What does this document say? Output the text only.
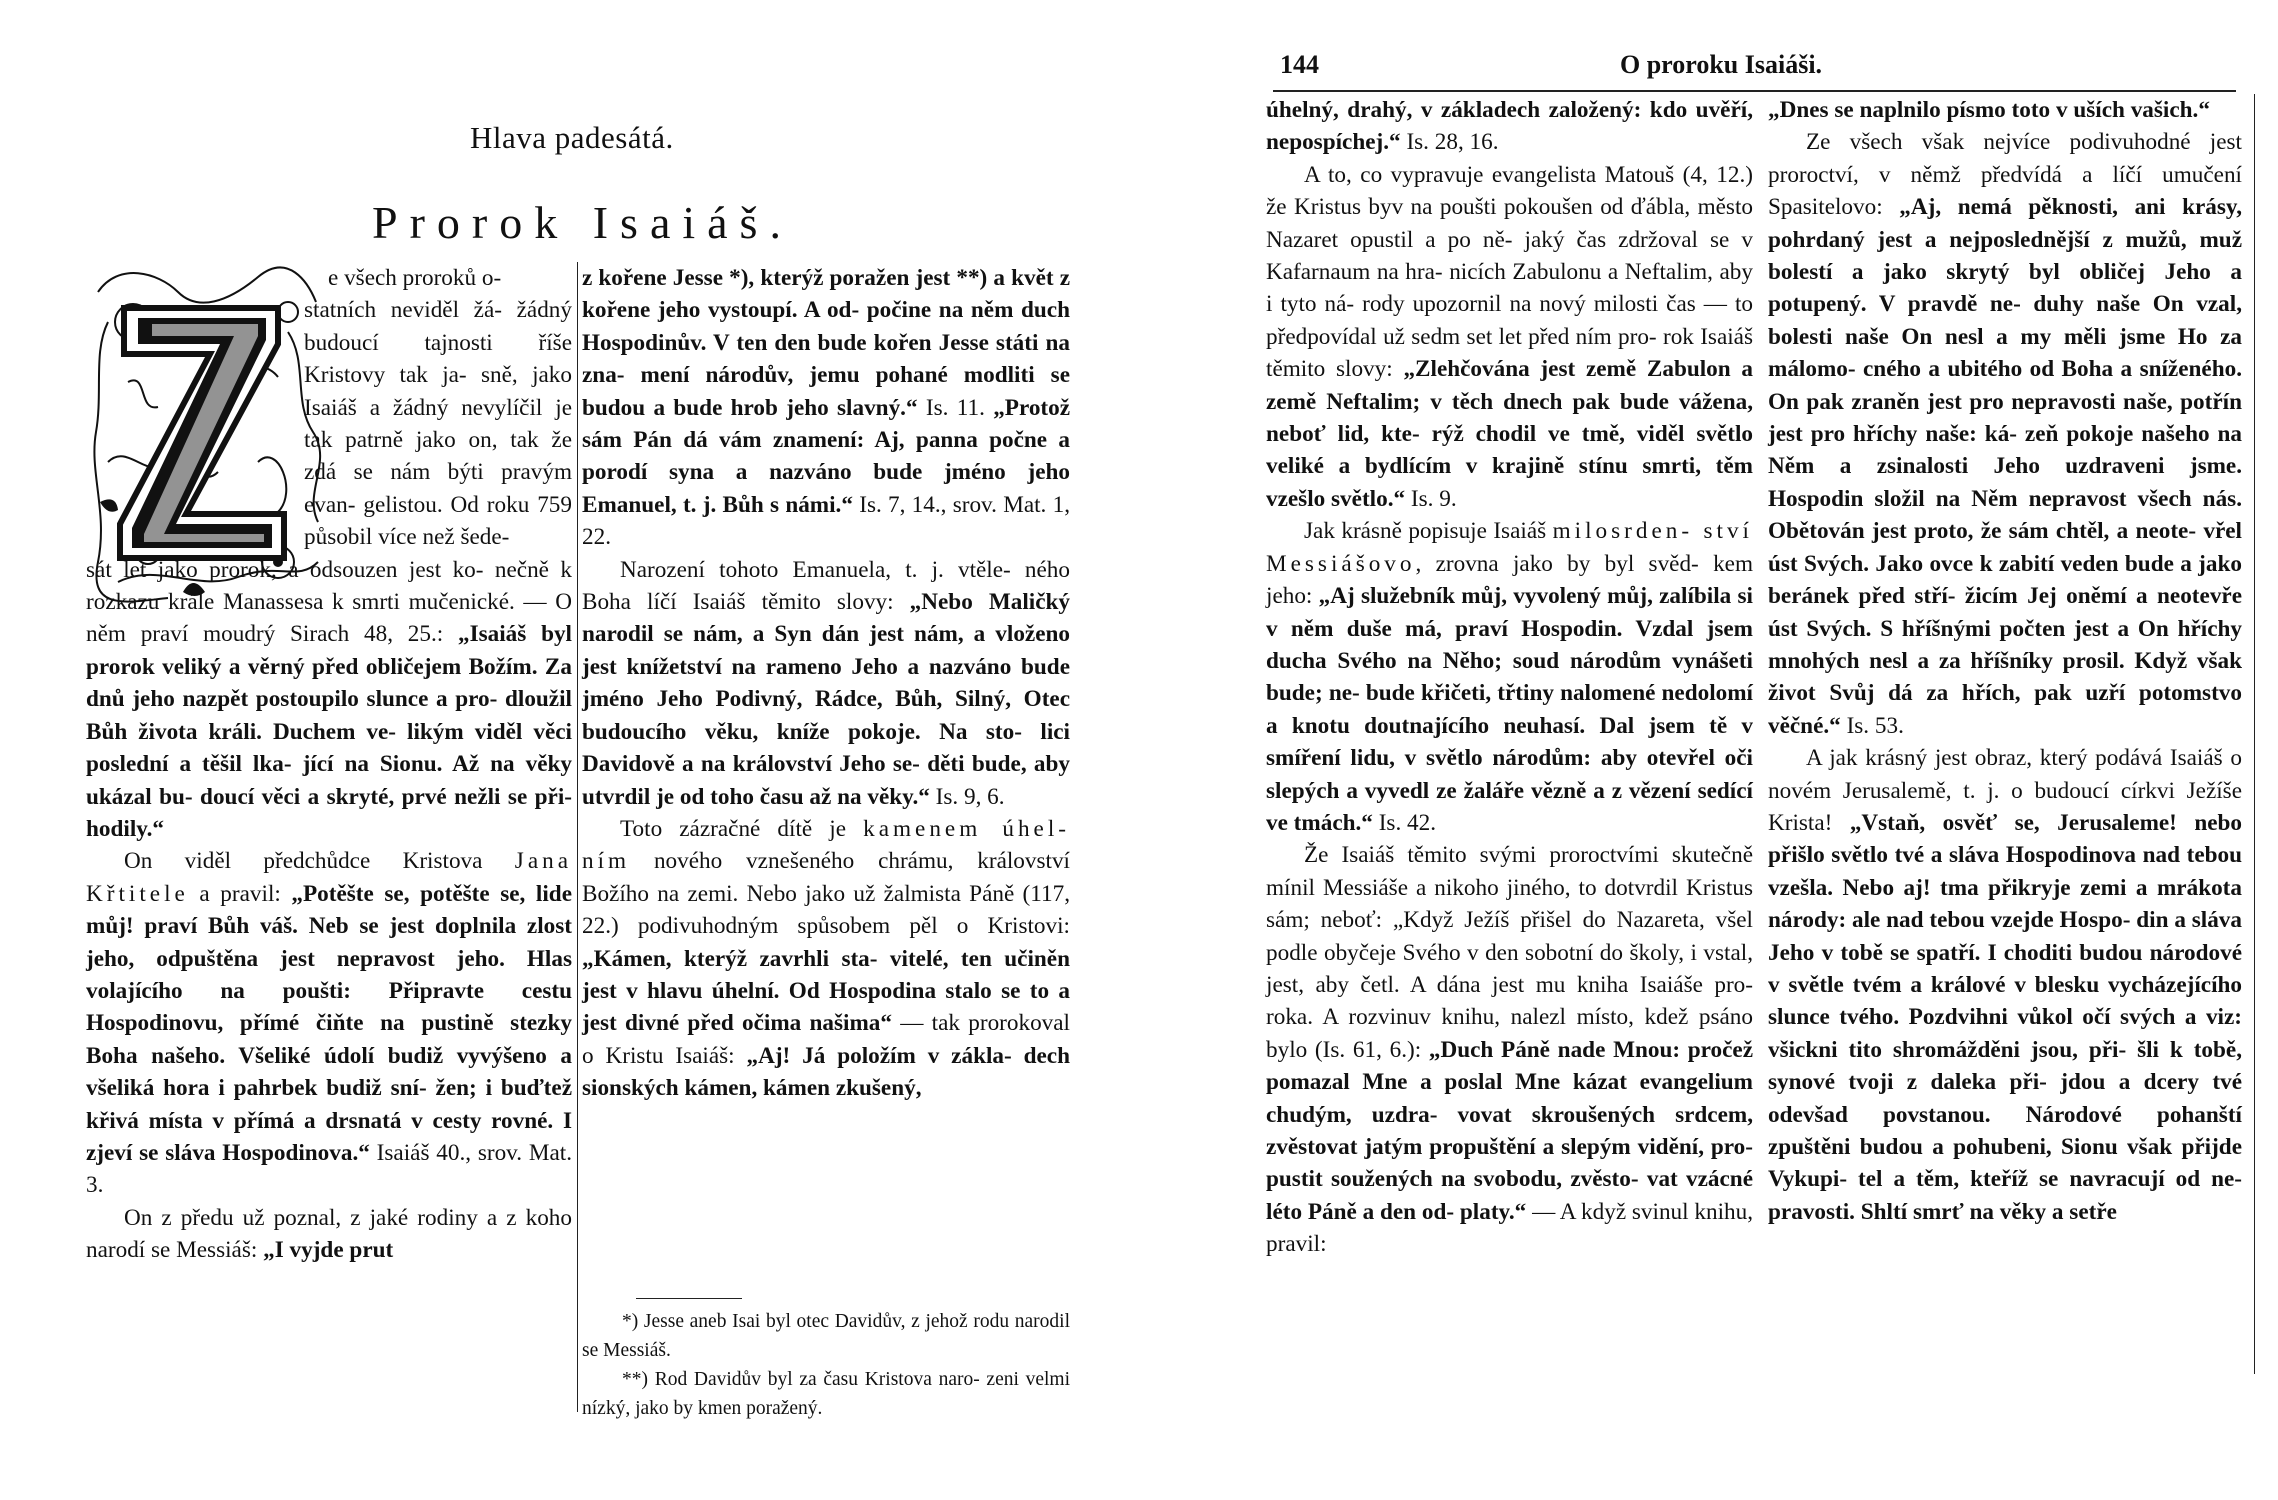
Hlava padesátá.
Prorok Isaiáš.

e všech proroků o-

statních neviděl žá- žádný budoucí tajnosti říše Kristovy tak ja- sně, jako Isaiáš a žádný nevylíčil je tak patrně jako on, tak že zdá se nám býti pravým evan- gelistou. Od roku 759 působil více než šede-

sát let jako prorok, a odsouzen jest ko- nečně k rozkazu krále Manassesa k smrti mučenické. — O něm praví moudrý Sirach 48, 25.: „Isaiáš byl prorok veliký a věrný před obličejem Božím. Za dnů jeho nazpět postoupilo slunce a pro- dloužil Bůh života králi. Duchem ve- likým viděl věci poslední a těšil lka- jící na Sionu. Až na věky ukázal bu- doucí věci a skryté, prvé nežli se při- hodily.“

On viděl předchůdce Kristova Jana Křtitele a pravil: „Potěšte se, potěšte se, lide můj! praví Bůh váš. Neb se jest doplnila zlost jeho, odpuštěna jest nepravost jeho. Hlas volajícího na poušti: Připravte cestu Hospodinovu, přímé čiňte na pustině stezky Boha našeho. Všeliké údolí budiž vyvýšeno a všeliká hora i pahrbek budiž sní- žen; i buďtež křivá místa v přímá a drsnatá v cesty rovné. I zjeví se sláva Hospodinova.“ Isaiáš 40., srov. Mat. 3.

On z předu už poznal, z jaké rodiny a z koho narodí se Messiáš: „I vyjde prut

z kořene Jesse *), kterýž poražen jest **) a květ z kořene jeho vystoupí. A od- počine na něm duch Hospodinův. V ten den bude kořen Jesse státi na zna- mení národův, jemu pohané modliti se budou a bude hrob jeho slavný.“ Is. 11. „Protož sám Pán dá vám znamení: Aj, panna počne a porodí syna a nazváno bude jméno jeho Emanuel, t. j. Bůh s námi.“ Is. 7, 14., srov. Mat. 1, 22.

Narození tohoto Emanuela, t. j. vtěle- ného Boha líčí Isaiáš těmito slovy: „Nebo Maličký narodil se nám, a Syn dán jest nám, a vloženo jest knížetství na rameno Jeho a nazváno bude jméno Jeho Podivný, Rádce, Bůh, Silný, Otec budoucího věku, kníže pokoje. Na sto- lici Davidově a na království Jeho se- děti bude, aby utvrdil je od toho času až na věky.“ Is. 9, 6.

Toto zázračné dítě je kamenem úhel- ním nového vznešeného chrámu, království Božího na zemi. Nebo jako už žalmista Páně (117, 22.) podivuhodným spůsobem pěl o Kristovi: „Kámen, kterýž zavrhli sta- vitelé, ten učiněn jest v hlavu úhelní. Od Hospodina stalo se to a jest divné před očima našima“ — tak prorokoval o Kristu Isaiáš: „Aj! Já položím v zákla- dech sionských kámen, kámen zkušený,

*) Jesse aneb Isai byl otec Davidův, z jehož rodu narodil se Messiáš.

**) Rod Davidův byl za času Kristova naro- zeni velmi nízký, jako by kmen poražený.

144	O proroku Isaiáši.

úhelný, drahý, v základech založený: kdo uvěří, nepospíchej.“ Is. 28, 16.

A to, co vypravuje evangelista Matouš (4, 12.) že Kristus byv na poušti pokoušen od ďábla, město Nazaret opustil a po ně- jaký čas zdržoval se v Kafarnaum na hra- nicích Zabulonu a Neftalim, aby i tyto ná- rody upozornil na nový milosti čas — to předpovídal už sedm set let před ním pro- rok Isaiáš těmito slovy: „Zlehčována jest země Zabulon a země Neftalim; v těch dnech pak bude vážena, neboť lid, kte- rýž chodil ve tmě, viděl světlo veliké a bydlícím v krajině stínu smrti, těm vzešlo světlo.“ Is. 9.

Jak krásně popisuje Isaiáš milosrden- ství Messiášovo, zrovna jako by byl svěd- kem jeho: „Aj služebník můj, vyvolený můj, zalíbila si v něm duše má, praví Hospodin. Vzdal jsem ducha Svého na Něho; soud národům vynášeti bude; ne- bude křičeti, třtiny nalomené nedolomí a knotu doutnajícího neuhasí. Dal jsem tě v smíření lidu, v světlo národům: aby otevřel oči slepých a vyvedl ze žaláře vězně a z vězení sedící ve tmách.“ Is. 42.

Že Isaiáš těmito svými proroctvími skutečně mínil Messiáše a nikoho jiného, to dotvrdil Kristus sám; neboť: „Když Ježíš přišel do Nazareta, všel podle obyčeje Svého v den sobotní do školy, i vstal, jest, aby četl. A dána jest mu kniha Isaiáše pro- roka. A rozvinuv knihu, nalezl místo, kdež psáno bylo (Is. 61, 6.): „Duch Páně nade Mnou: pročež pomazal Mne a poslal Mne kázat evangelium chudým, uzdra- vovat skroušených srdcem, zvěstovat jatým propuštění a slepým vidění, pro- pustit soužených na svobodu, zvěsto- vat vzácné léto Páně a den od- platy.“ — A když svinul knihu, pravil:

„Dnes se naplnilo písmo toto v uších vašich.“

Ze všech však nejvíce podivuhodné jest proroctví, v němž předvídá a líčí umučení Spasitelovo: „Aj, nemá pěknosti, ani krásy, pohrdaný jest a nejposlednější z mužů, muž bolestí a jako skrytý byl obličej Jeho a potupený. V pravdě ne- duhy naše On vzal, bolesti naše On nesl a my měli jsme Ho za málomo- cného a ubitého od Boha a sníženého. On pak zraněn jest pro nepravosti naše, potřín jest pro hříchy naše: ká- zeň pokoje našeho na Něm a zsinalosti Jeho uzdraveni jsme. Hospodin složil na Něm nepravost všech nás. Obětován jest proto, že sám chtěl, a neote- vřel úst Svých. Jako ovce k zabití veden bude a jako beránek před stří- žicím Jej oněmí a neotevře úst Svých. S hříšnými počten jest a On hříchy mnohých nesl a za hříšníky prosil. Když však život Svůj dá za hřích, pak uzří potomstvo věčné.“ Is. 53.

A jak krásný jest obraz, který podává Isaiáš o novém Jerusalemě, t. j. o budoucí církvi Ježíše Krista! „Vstaň, osvěť se, Jerusaleme! nebo přišlo světlo tvé a sláva Hospodinova nad tebou vzešla. Nebo aj! tma přikryje zemi a mrákota národy: ale nad tebou vzejde Hospo- din a sláva Jeho v tobě se spatří. I choditi budou národové v světle tvém a králové v blesku vycházejícího slunce tvého. Pozdvihni vůkol očí svých a viz: všickni tito shromážděni jsou, při- šli k tobě, synové tvoji z daleka při- jdou a dcery tvé odevšad povstanou. Národové pohanští zpuštěni budou a pohubeni, Sionu však přijde Vykupi- tel a těm, kteříž se navracují od ne- pravosti. Shltí smrť na věky a setře
